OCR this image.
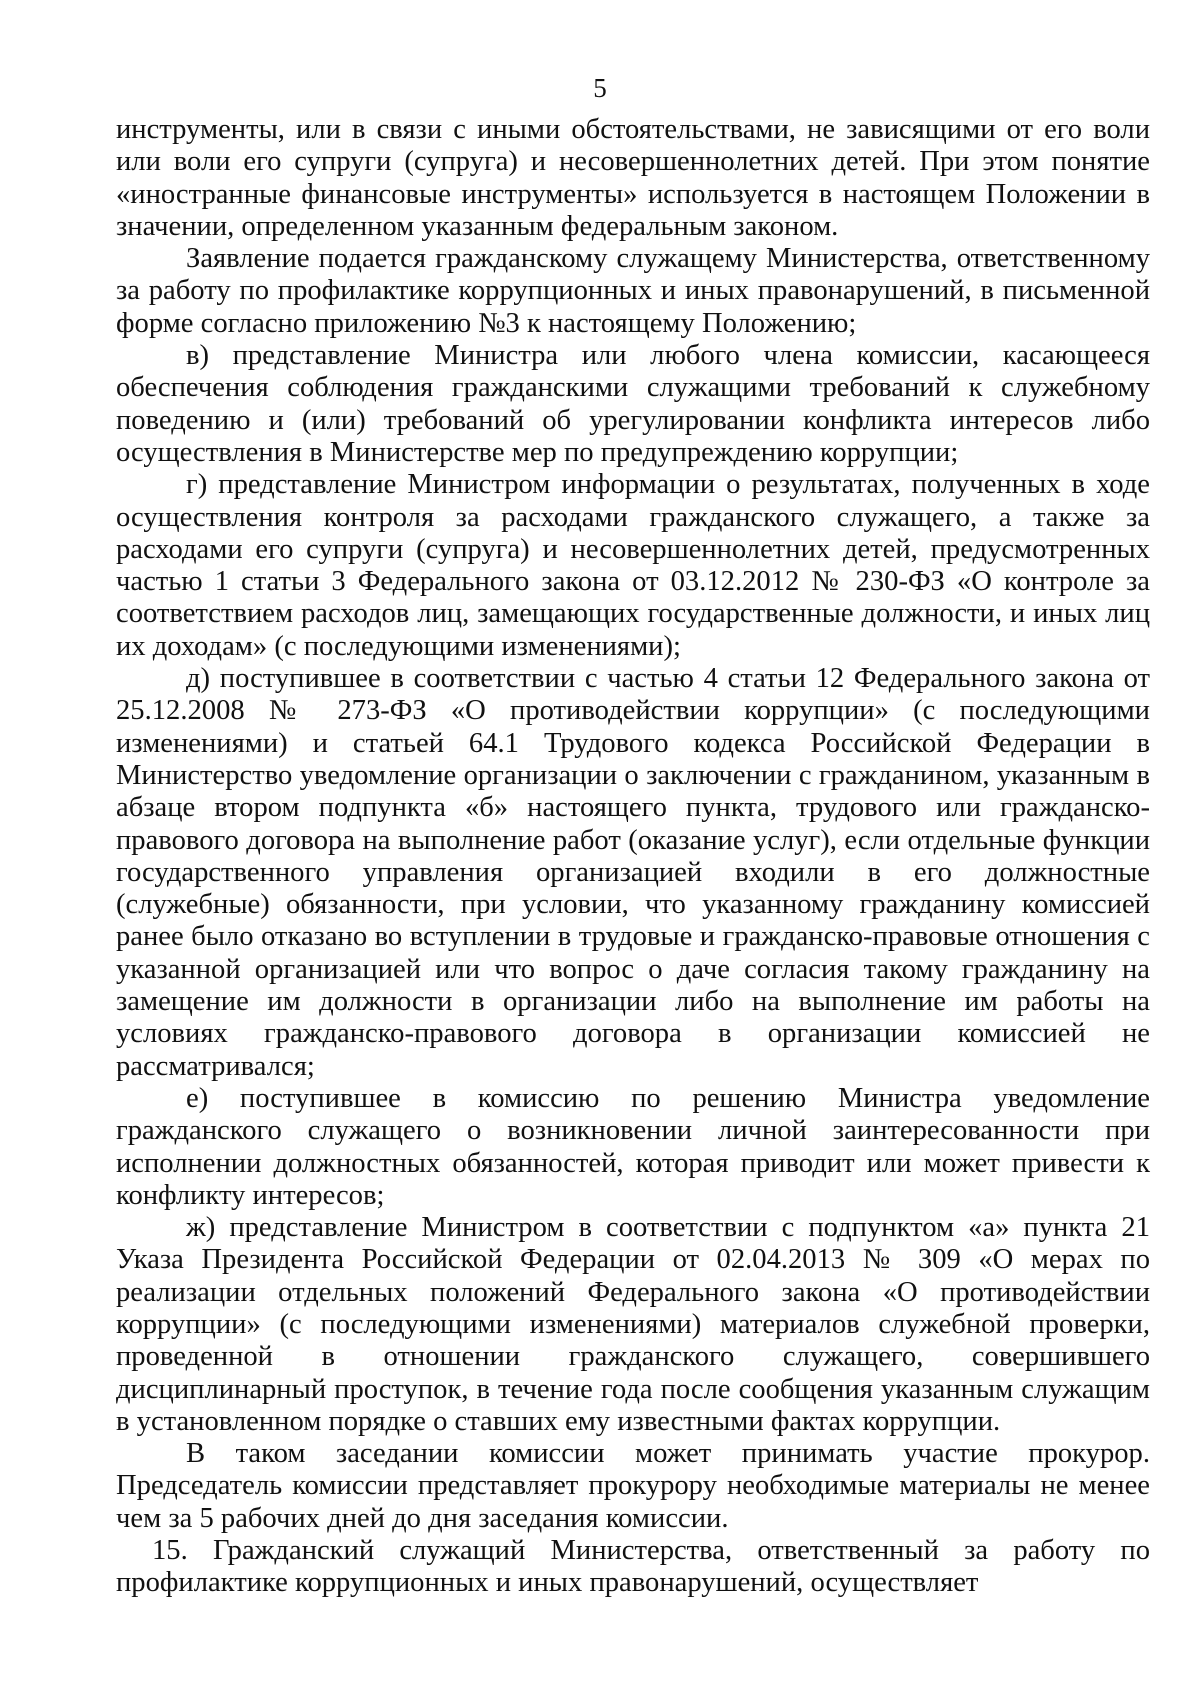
5

инструменты, или в связи с иными обстоятельствами, не зависящими от его воли или воли его супруги (супруга) и несовершеннолетних детей. При этом понятие «иностранные финансовые инструменты» используется в настоящем Положении в значении, определенном указанным федеральным законом.

Заявление подается гражданскому служащему Министерства, ответственному за работу по профилактике коррупционных и иных правонарушений, в письменной форме согласно приложению №3 к настоящему Положению;

в) представление Министра или любого члена комиссии, касающееся обеспечения соблюдения гражданскими служащими требований к служебному поведению и (или) требований об урегулировании конфликта интересов либо осуществления в Министерстве мер по предупреждению коррупции;

г) представление Министром информации о результатах, полученных в ходе осуществления контроля за расходами гражданского служащего, а также за расходами его супруги (супруга) и несовершеннолетних детей, предусмотренных частью 1 статьи 3 Федерального закона от 03.12.2012 № 230-ФЗ «О контроле за соответствием расходов лиц, замещающих государственные должности, и иных лиц их доходам» (с последующими изменениями);

д) поступившее в соответствии с частью 4 статьи 12 Федерального закона от 25.12.2008 № 273-ФЗ «О противодействии коррупции» (с последующими изменениями) и статьей 64.1 Трудового кодекса Российской Федерации в Министерство уведомление организации о заключении с гражданином, указанным в абзаце втором подпункта «б» настоящего пункта, трудового или гражданско-правового договора на выполнение работ (оказание услуг), если отдельные функции государственного управления организацией входили в его должностные (служебные) обязанности, при условии, что указанному гражданину комиссией ранее было отказано во вступлении в трудовые и гражданско-правовые отношения с указанной организацией или что вопрос о даче согласия такому гражданину на замещение им должности в организации либо на выполнение им работы на условиях гражданско-правового договора в организации комиссией не рассматривался;

е) поступившее в комиссию по решению Министра уведомление гражданского служащего о возникновении личной заинтересованности при исполнении должностных обязанностей, которая приводит или может привести к конфликту интересов;

ж) представление Министром в соответствии с подпунктом «а» пункта 21 Указа Президента Российской Федерации от 02.04.2013 № 309 «О мерах по реализации отдельных положений Федерального закона «О противодействии коррупции» (с последующими изменениями) материалов служебной проверки, проведенной в отношении гражданского служащего, совершившего дисциплинарный проступок, в течение года после сообщения указанным служащим в установленном порядке о ставших ему известными фактах коррупции.

В таком заседании комиссии может принимать участие прокурор. Председатель комиссии представляет прокурору необходимые материалы не менее чем за 5 рабочих дней до дня заседания комиссии.

15. Гражданский служащий Министерства, ответственный за работу по профилактике коррупционных и иных правонарушений, осуществляет
